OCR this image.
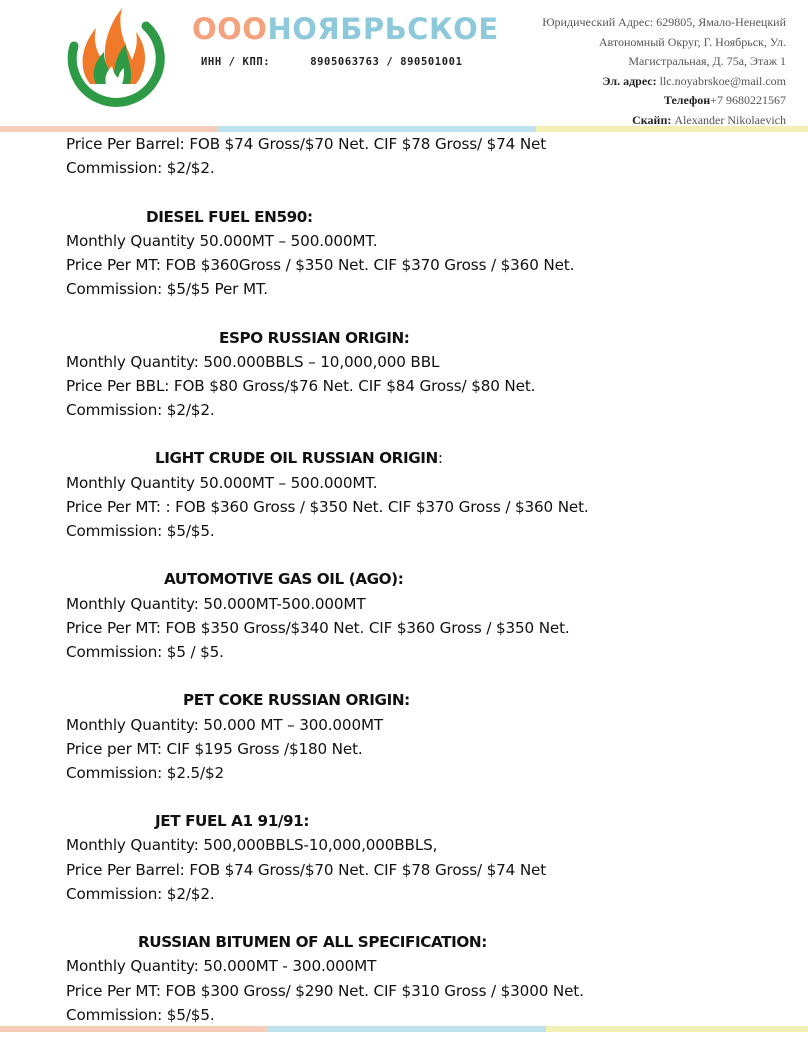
ОООНОЯБРЬСКОЕ
ИНН / КПП:	8905063763 / 890501001
Юридический Адрес: 629805, Ямало-Ненецкий
Автономный Округ, Г. Ноябрьск, Ул.
Магистральная, Д. 75а, Этаж 1
Эл. адрес: llc.noyabrskoe@mail.com
Телефон+7 9680221567
Скайп: Alexander Nikolaevich
Price Per Barrel: FOB $74 Gross/$70 Net. CIF $78 Gross/ $74 Net
Commission: $2/$2.
DIESEL FUEL EN590:
Monthly Quantity 50.000MT – 500.000MT.
Price Per MT: FOB $360Gross / $350 Net. CIF $370 Gross / $360 Net.
Commission: $5/$5 Per MT.
ESPO RUSSIAN ORIGIN:
Monthly Quantity: 500.000BBLS – 10,000,000 BBL
Price Per BBL: FOB $80 Gross/$76 Net. CIF $84 Gross/ $80 Net.
Commission: $2/$2.
LIGHT CRUDE OIL RUSSIAN ORIGIN:
Monthly Quantity 50.000MT – 500.000MT.
Price Per MT: : FOB $360 Gross / $350 Net. CIF $370 Gross / $360 Net.
Commission: $5/$5.
AUTOMOTIVE GAS OIL (AGO):
Monthly Quantity: 50.000MT-500.000MT
Price Per MT: FOB $350 Gross/$340 Net. CIF $360 Gross / $350 Net.
Commission: $5 / $5.
PET COKE RUSSIAN ORIGIN:
Monthly Quantity: 50.000 MT – 300.000MT
Price per MT: CIF $195 Gross /$180 Net.
Commission: $2.5/$2
JET FUEL A1 91/91:
Monthly Quantity: 500,000BBLS-10,000,000BBLS,
Price Per Barrel: FOB $74 Gross/$70 Net. CIF $78 Gross/ $74 Net
Commission: $2/$2.
RUSSIAN BITUMEN OF ALL SPECIFICATION:
Monthly Quantity: 50.000MT - 300.000MT
Price Per MT: FOB $300 Gross/ $290 Net. CIF $310 Gross / $3000 Net.
Commission: $5/$5.
